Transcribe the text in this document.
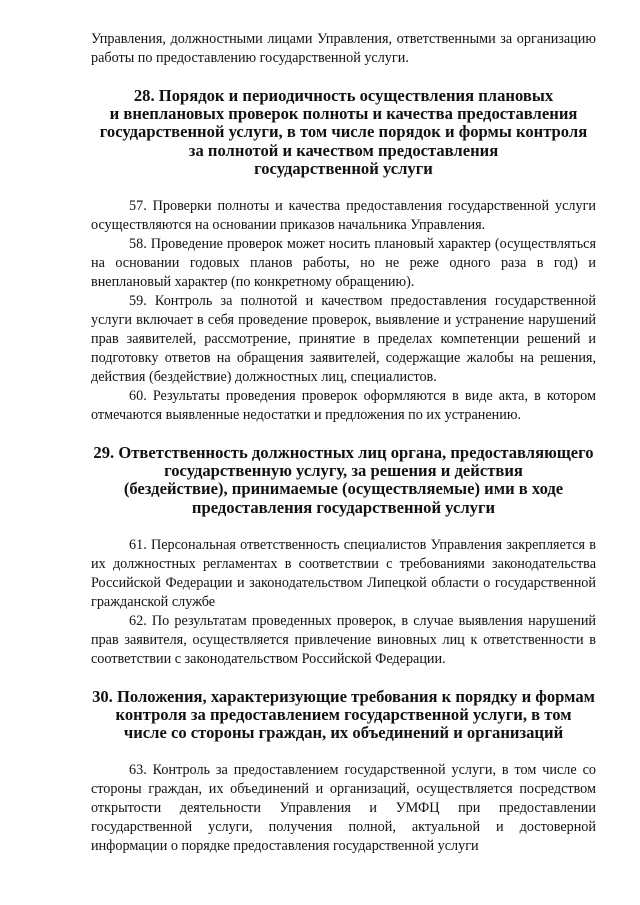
Управления, должностными лицами Управления, ответственными за организацию работы по предоставлению государственной услуги.

28. Порядок и периодичность осуществления плановых
и внеплановых проверок полноты и качества предоставления
государственной услуги, в том числе порядок и формы контроля
за полнотой и качеством предоставления
государственной услуги

57. Проверки полноты и качества предоставления государственной услуги осуществляются на основании приказов начальника Управления.

58. Проведение проверок может носить плановый характер (осуществляться на основании годовых планов работы, но не реже одного раза в год) и внеплановый характер (по конкретному обращению).

59. Контроль за полнотой и качеством предоставления государственной услуги включает в себя проведение проверок, выявление и устранение нарушений прав заявителей, рассмотрение, принятие в пределах компетенции решений и подготовку ответов на обращения заявителей, содержащие жалобы на решения, действия (бездействие) должностных лиц, специалистов.

60. Результаты проведения проверок оформляются в виде акта, в котором отмечаются выявленные недостатки и предложения по их устранению.

29. Ответственность должностных лиц органа, предоставляющего
государственную услугу, за решения и действия
(бездействие), принимаемые (осуществляемые) ими в ходе
предоставления государственной услуги

61. Персональная ответственность специалистов Управления закрепляется в их должностных регламентах в соответствии с требованиями законодательства Российской Федерации и законодательством Липецкой области о государственной гражданской службе

62. По результатам проведенных проверок, в случае выявления нарушений прав заявителя, осуществляется привлечение виновных лиц к ответственности в соответствии с законодательством Российской Федерации.

30. Положения, характеризующие требования к порядку и формам
контроля за предоставлением государственной услуги, в том
числе со стороны граждан, их объединений и организаций

63. Контроль за предоставлением государственной услуги, в том числе со стороны граждан, их объединений и организаций, осуществляется посредством открытости деятельности Управления и УМФЦ при предоставлении государственной услуги, получения полной, актуальной и достоверной информации о порядке предоставления государственной услуги
